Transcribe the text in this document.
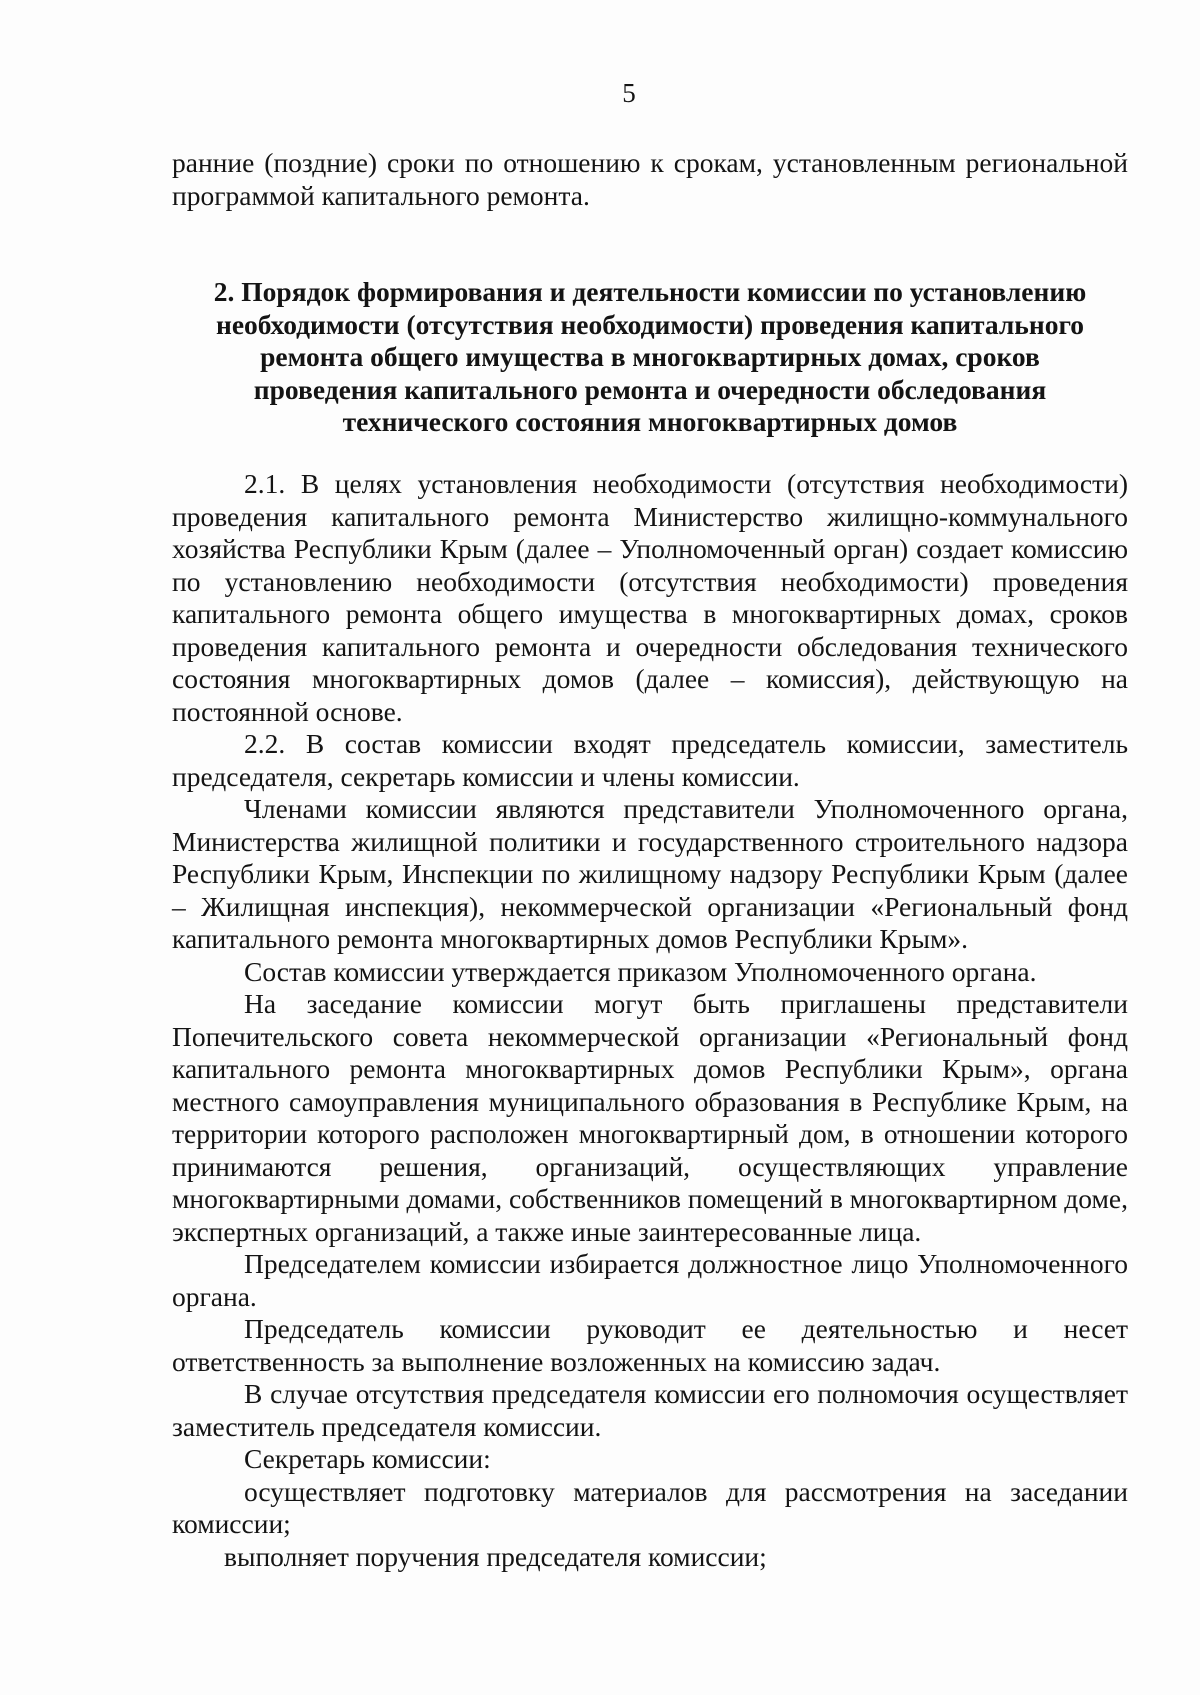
5

ранние (поздние) сроки по отношению к срокам, установленным региональной программой капитального ремонта.

2. Порядок формирования и деятельности комиссии по установлению
необходимости (отсутствия необходимости) проведения капитального
ремонта общего имущества в многоквартирных домах, сроков
проведения капитального ремонта и очередности обследования
технического состояния многоквартирных домов

2.1. В целях установления необходимости (отсутствия необходимости) проведения капитального ремонта Министерство жилищно-коммунального хозяйства Республики Крым (далее – Уполномоченный орган) создает комиссию по установлению необходимости (отсутствия необходимости) проведения капитального ремонта общего имущества в многоквартирных домах, сроков проведения капитального ремонта и очередности обследования технического состояния многоквартирных домов (далее – комиссия), действующую на постоянной основе.

2.2. В состав комиссии входят председатель комиссии, заместитель председателя, секретарь комиссии и члены комиссии.

Членами комиссии являются представители Уполномоченного органа, Министерства жилищной политики и государственного строительного надзора Республики Крым, Инспекции по жилищному надзору Республики Крым (далее – Жилищная инспекция), некоммерческой организации «Региональный фонд капитального ремонта многоквартирных домов Республики Крым».

Состав комиссии утверждается приказом Уполномоченного органа.

На заседание комиссии могут быть приглашены представители Попечительского совета некоммерческой организации «Региональный фонд капитального ремонта многоквартирных домов Республики Крым», органа местного самоуправления муниципального образования в Республике Крым, на территории которого расположен многоквартирный дом, в отношении которого принимаются решения, организаций, осуществляющих управление многоквартирными домами, собственников помещений в многоквартирном доме, экспертных организаций, а также иные заинтересованные лица.

Председателем комиссии избирается должностное лицо Уполномоченного органа.

Председатель комиссии руководит ее деятельностью и несет ответственность за выполнение возложенных на комиссию задач.

В случае отсутствия председателя комиссии его полномочия осуществляет заместитель председателя комиссии.

Секретарь комиссии:

осуществляет подготовку материалов для рассмотрения на заседании комиссии;

выполняет поручения председателя комиссии;
